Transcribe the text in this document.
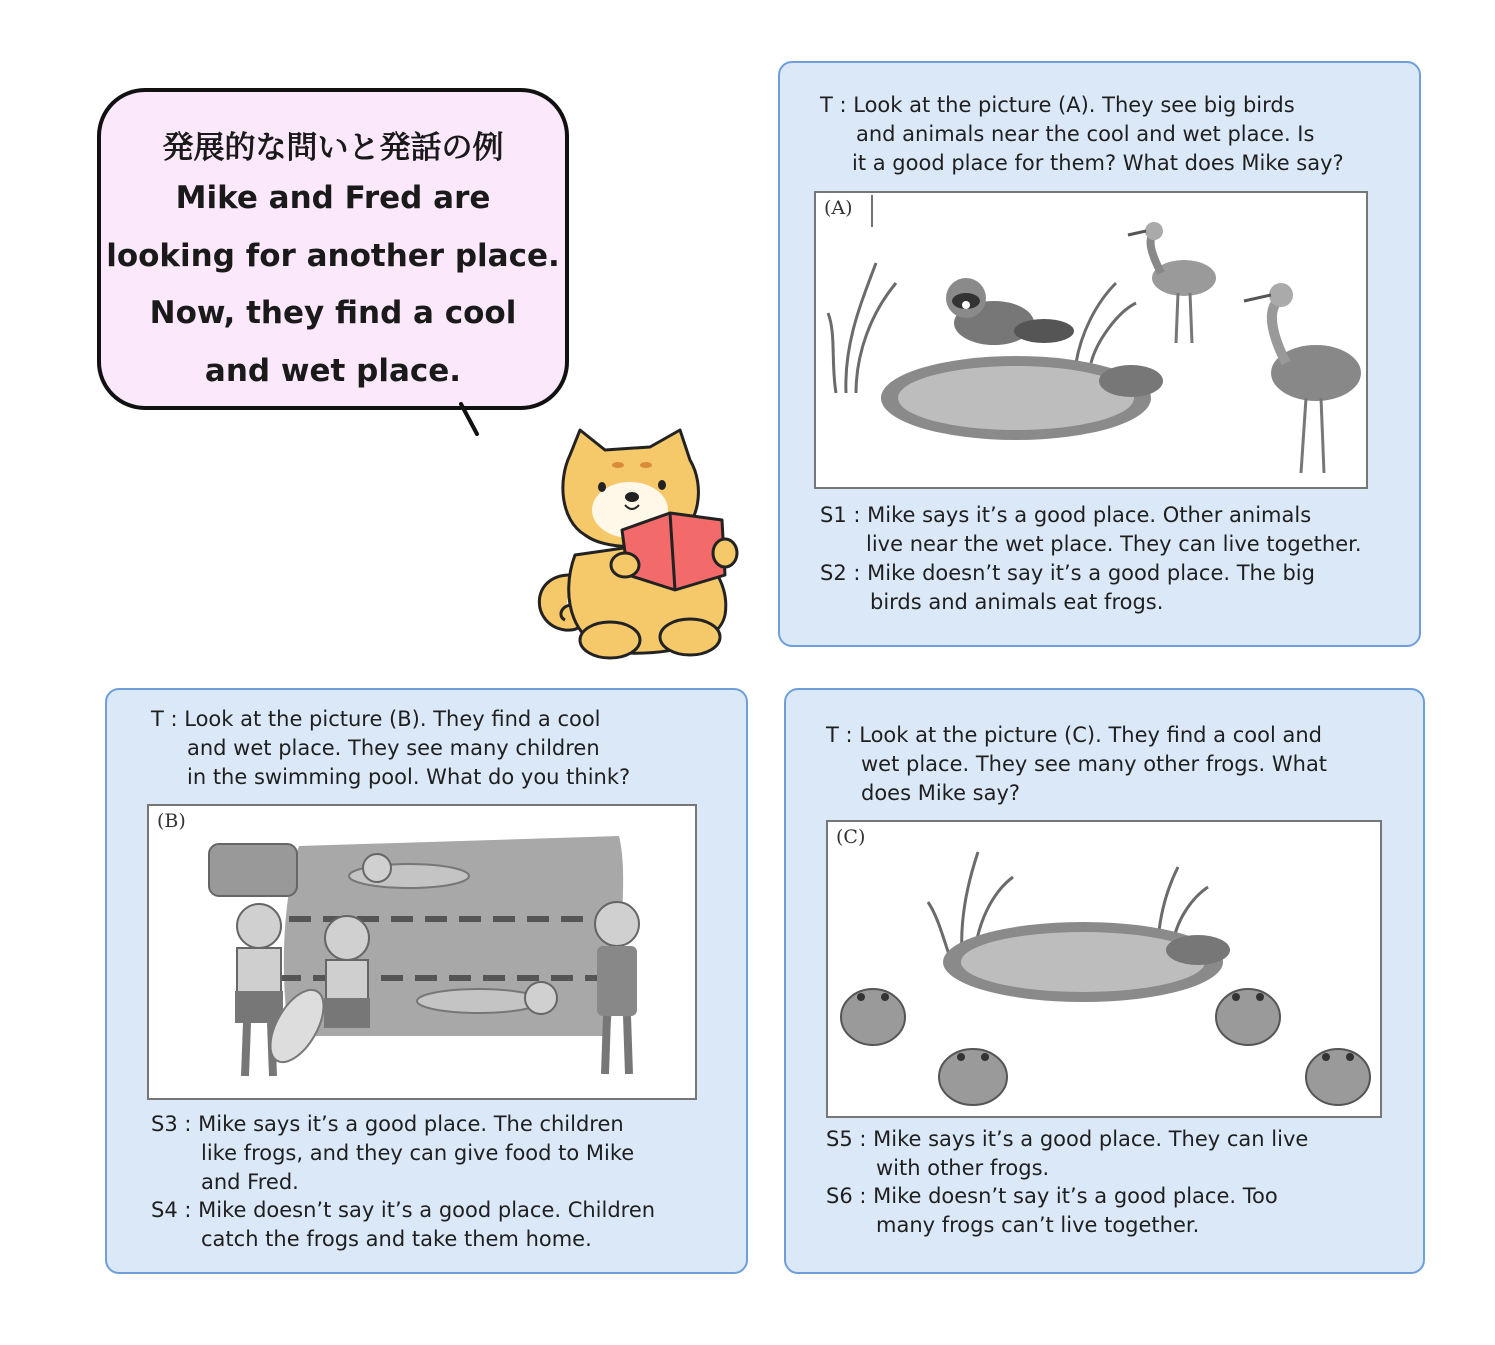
発展的な問いと発話の例
Mike and Fred are
looking for another place.
Now, they find a cool
and wet place.
T : Look at the picture (A). They see big birds
and animals near the cool and wet place. Is
it a good place for them? What does Mike say?
(A)
S1 : Mike says it’s a good place. Other animals
live near the wet place. They can live together.
S2 : Mike doesn’t say it’s a good place. The big
birds and animals eat frogs.
T : Look at the picture (B). They find a cool
and wet place. They see many children
in the swimming pool. What do you think?
(B)
S3 : Mike says it’s a good place. The children
like frogs, and they can give food to Mike
and Fred.
S4 : Mike doesn’t say it’s a good place. Children
catch the frogs and take them home.
T : Look at the picture (C). They find a cool and
wet place. They see many other frogs. What
does Mike say?
(C)
S5 : Mike says it’s a good place. They can live
with other frogs.
S6 : Mike doesn’t say it’s a good place. Too
many frogs can’t live together.
